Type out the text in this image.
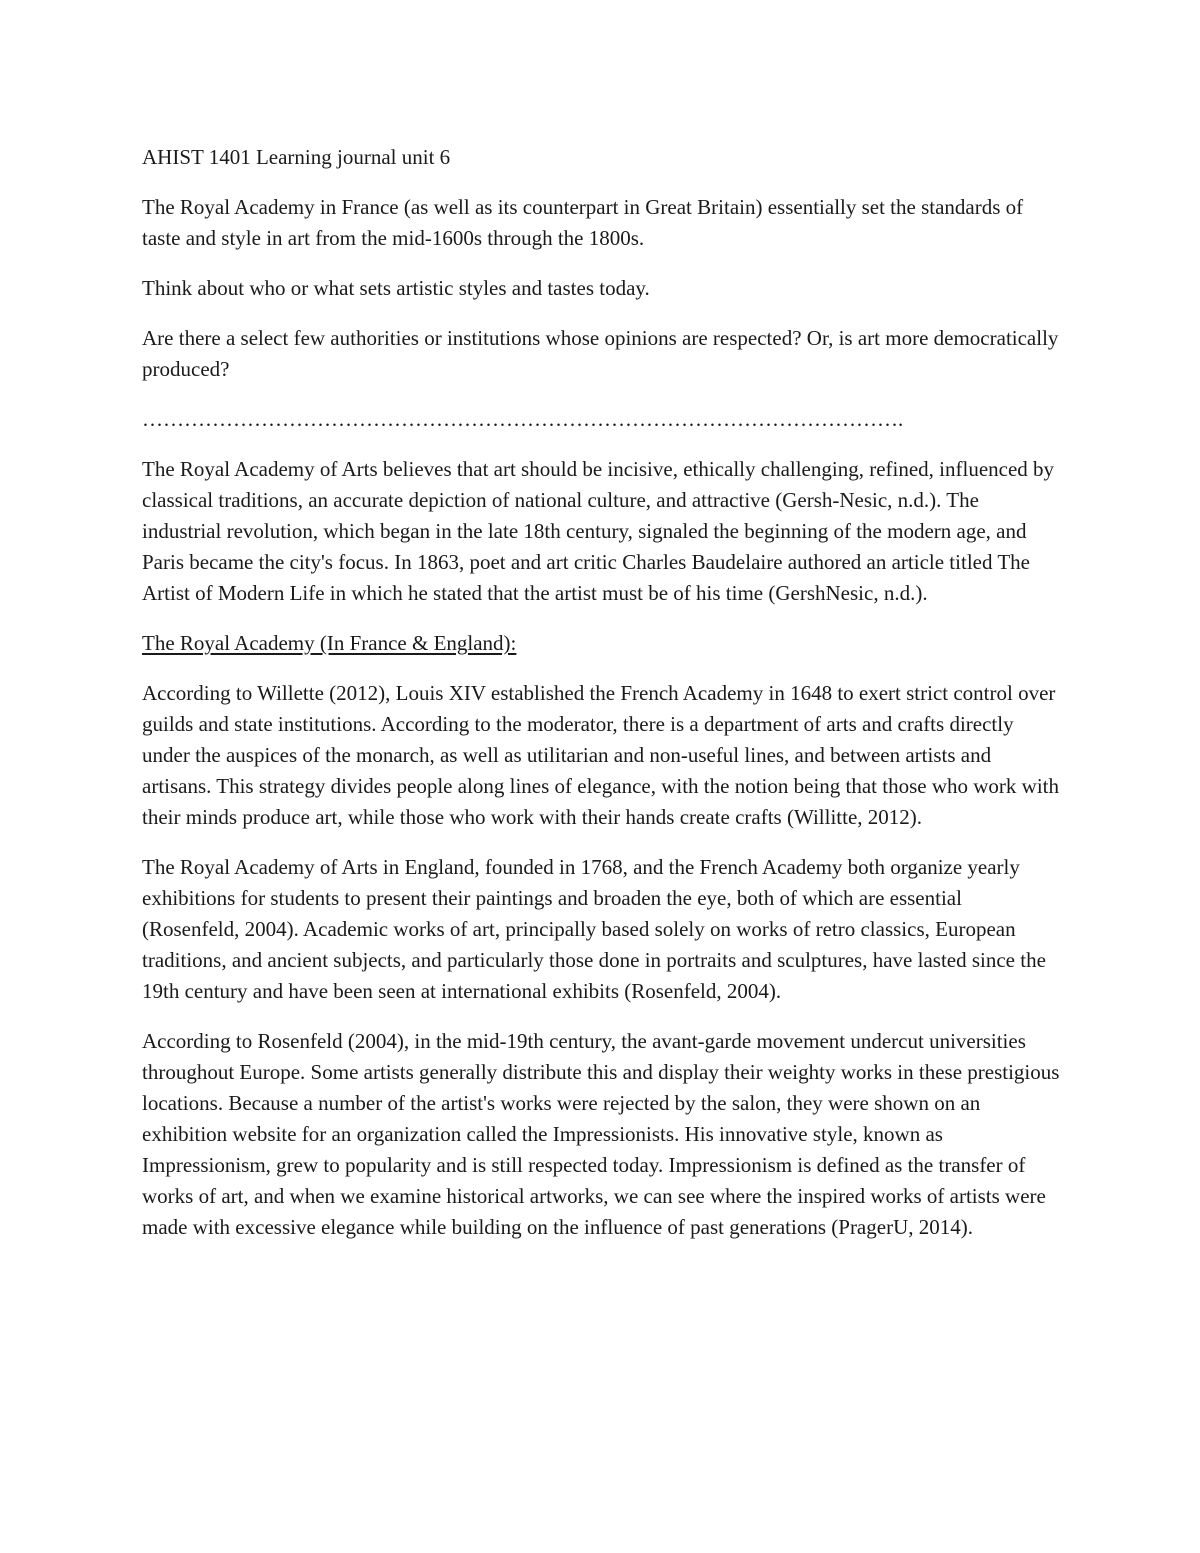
AHIST 1401 Learning journal unit 6

The Royal Academy in France (as well as its counterpart in Great Britain) essentially set the standards of taste and style in art from the mid-1600s through the 1800s.

Think about who or what sets artistic styles and tastes today.

Are there a select few authorities or institutions whose opinions are respected? Or, is art more democratically produced?

……………………………………………………………………………………………….

The Royal Academy of Arts believes that art should be incisive, ethically challenging, refined, influenced by classical traditions, an accurate depiction of national culture, and attractive (Gersh-Nesic, n.d.). The industrial revolution, which began in the late 18th century, signaled the beginning of the modern age, and Paris became the city's focus. In 1863, poet and art critic Charles Baudelaire authored an article titled The Artist of Modern Life in which he stated that the artist must be of his time (GershNesic, n.d.).

The Royal Academy (In France & England):

According to Willette (2012), Louis XIV established the French Academy in 1648 to exert strict control over guilds and state institutions. According to the moderator, there is a department of arts and crafts directly under the auspices of the monarch, as well as utilitarian and non-useful lines, and between artists and artisans. This strategy divides people along lines of elegance, with the notion being that those who work with their minds produce art, while those who work with their hands create crafts (Willitte, 2012).

The Royal Academy of Arts in England, founded in 1768, and the French Academy both organize yearly exhibitions for students to present their paintings and broaden the eye, both of which are essential (Rosenfeld, 2004). Academic works of art, principally based solely on works of retro classics, European traditions, and ancient subjects, and particularly those done in portraits and sculptures, have lasted since the 19th century and have been seen at international exhibits (Rosenfeld, 2004).

According to Rosenfeld (2004), in the mid-19th century, the avant-garde movement undercut universities throughout Europe. Some artists generally distribute this and display their weighty works in these prestigious locations. Because a number of the artist's works were rejected by the salon, they were shown on an exhibition website for an organization called the Impressionists. His innovative style, known as Impressionism, grew to popularity and is still respected today. Impressionism is defined as the transfer of works of art, and when we examine historical artworks, we can see where the inspired works of artists were made with excessive elegance while building on the influence of past generations (PragerU, 2014).
